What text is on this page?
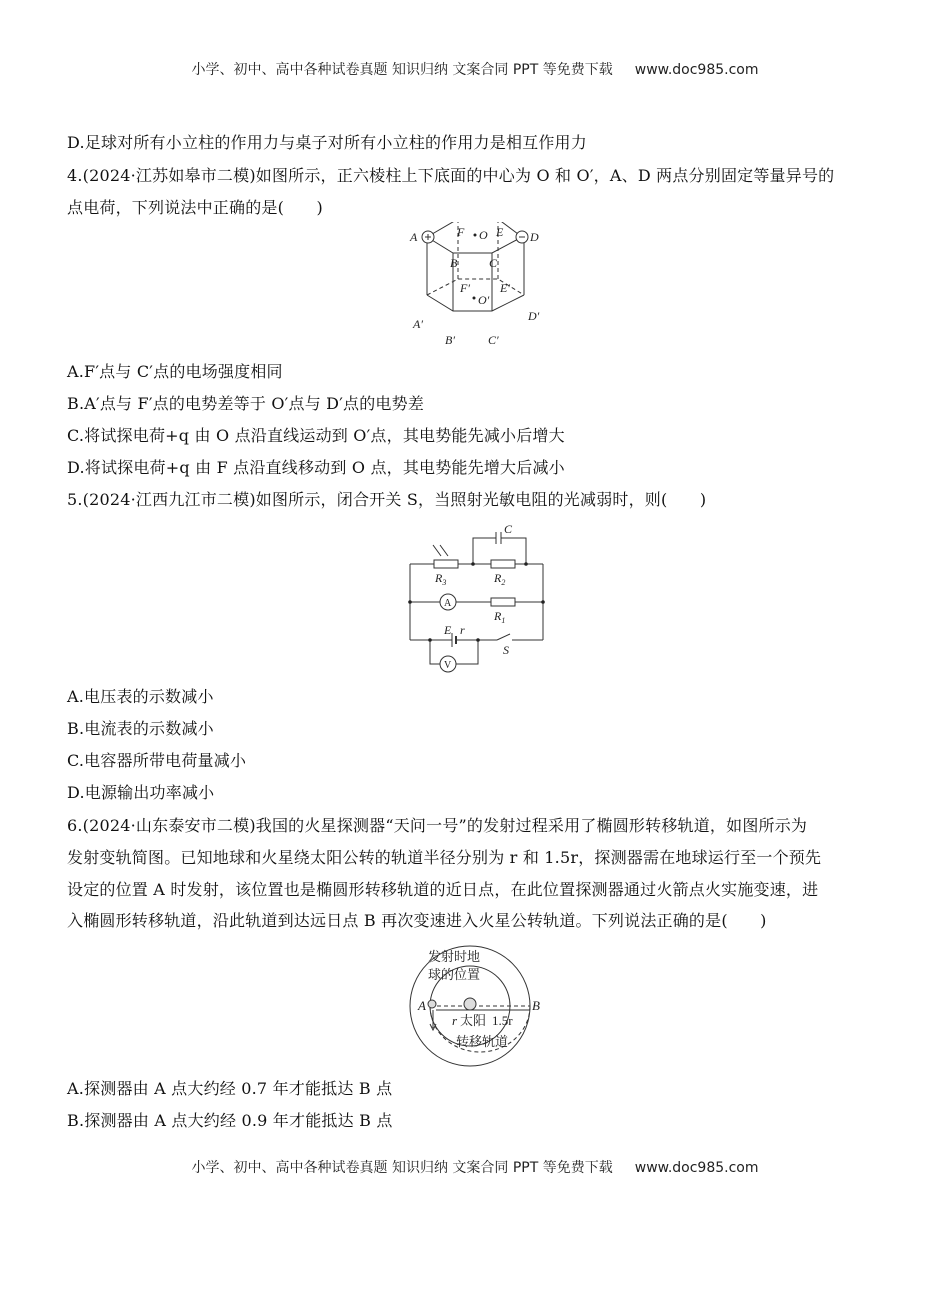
小学、初中、高中各种试卷真题 知识归纳 文案合同 PPT 等免费下载 www.doc985.com
D.足球对所有小立柱的作用力与桌子对所有小立柱的作用力是相互作用力
4.(2024·江苏如皋市二模)如图所示，正六棱柱上下底面的中心为 O 和 O′，A、D 两点分别固定等量异号的
点电荷，下列说法中正确的是(　　)
A	D
F	E
B	C
O
F′	E′
A′
D′
B′	C′
O′
A.F′点与 C′点的电场强度相同
B.A′点与 F′点的电势差等于 O′点与 D′点的电势差
C.将试探电荷+q 由 O 点沿直线运动到 O′点，其电势能先减小后增大
D.将试探电荷+q 由 F 点沿直线移动到 O 点，其电势能先增大后减小
5.(2024·江西九江市二模)如图所示，闭合开关 S，当照射光敏电阻的光减弱时，则(　　)
C
$R_3$	$R_2$
A
$R_1$
E r
S
V
A.电压表的示数减小
B.电流表的示数减小
C.电容器所带电荷量减小
D.电源输出功率减小
6.(2024·山东泰安市二模)我国的火星探测器“天问一号”的发射过程采用了椭圆形转移轨道，如图所示为
发射变轨简图。已知地球和火星绕太阳公转的轨道半径分别为 r 和 1.5r，探测器需在地球运行至一个预先
设定的位置 A 时发射，该位置也是椭圆形转移轨道的近日点，在此位置探测器通过火箭点火实施变速，进
入椭圆形转移轨道，沿此轨道到达远日点 B 再次变速进入火星公转轨道。下列说法正确的是(　　)
发射时地
球的位置
A	B
r 太阳 1.5r
转移轨道
A.探测器由 A 点大约经 0.7 年才能抵达 B 点
B.探测器由 A 点大约经 0.9 年才能抵达 B 点
小学、初中、高中各种试卷真题 知识归纳 文案合同 PPT 等免费下载 www.doc985.com
